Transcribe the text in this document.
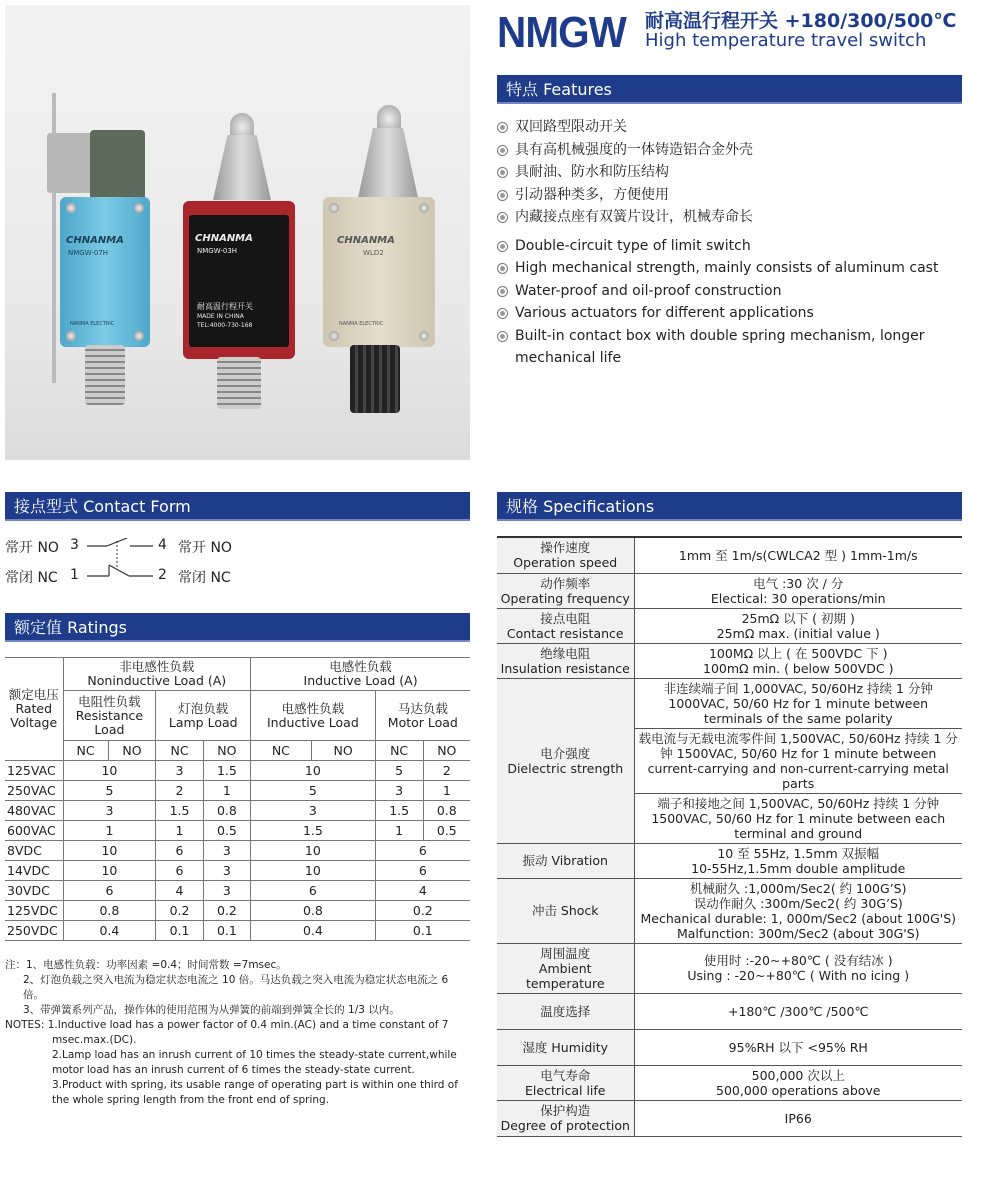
CHNANMA
NMGW-07H
NANMA ELECTRIC
CHNANMA
NMGW-03H
耐高温行程开关
MADE IN CHINA
TEL:4000-730-168
CHNANMA
WLD2
NANMA ELECTRIC
NMGW 耐高温行程开关 +180/300/500℃
High temperature travel switch
特点 Features
双回路型限动开关
具有高机械强度的一体铸造铝合金外壳
具耐油、防水和防压结构
引动器种类多，方便使用
内藏接点座有双簧片设计，机械寿命长
Double-circuit type of limit switch
High mechanical strength, mainly consists of aluminum cast
Water-proof and oil-proof construction
Various actuators for different applications
Built-in contact box with double spring mechanism, longer mechanical life
接点型式 Contact Form
常开 NO 3	4 常开 NO
常闭 NC 1	2 常闭 NC
额定值 Ratings
额定电压
Rated
Voltage	非电感性负载
Noninductive Load (A)				电感性负载
Inductive Load (A)			
	电阻性负载
Resistance
Load		灯泡负载
Lamp Load		电感性负载
Inductive Load		马达负载
Motor Load	
	NC	NO	NC	NO	NC	NO	NC	NO
125VAC	10		3	1.5	10		5	2
250VAC	5		2	1	5		3	1
480VAC	3		1.5	0.8	3		1.5	0.8
600VAC	1		1	0.5	1.5		1	0.5
8VDC	10		6	3	10		6	
14VDC	10		6	3	10		6	
30VDC	6		4	3	6		4	
125VDC	0.8		0.2	0.2	0.8		0.2	
250VDC	0.4		0.1	0.1	0.4		0.1	
注：1、电感性负载：功率因素 =0.4；时间常数 =7msec。
2、灯泡负载之突入电流为稳定状态电流之 10 倍。马达负载之突入电流为稳定状态电流之 6 倍。
3、带弹簧系列产品，操作体的使用范围为从弹簧的前端到弹簧全长的 1/3 以内。
NOTES: 1.Inductive load has a power factor of 0.4 min.(AC) and a time constant of 7 msec.max.(DC).
2.Lamp load has an inrush current of 10 times the steady-state current,while motor load has an inrush current of 6 times the steady-state current.
3.Product with spring, its usable range of operating part is within one third of the whole spring length from the front end of spring.
规格 Specifications
操作速度
Operation speed	1mm 至 1m/s(CWLCA2 型 ) 1mm-1m/s
动作频率
Operating frequency	电气 :30 次 / 分
Electical: 30 operations/min
接点电阻
Contact resistance	25mΩ 以下 ( 初期 )
25mΩ max. (initial value )
绝缘电阻
Insulation resistance	100MΩ 以上 ( 在 500VDC 下 )
100mΩ min. ( below 500VDC )
电介强度
Dielectric strength	非连续端子间 1,000VAC, 50/60Hz 持续 1 分钟
1000VAC, 50/60 Hz for 1 minute between terminals of the same polarity
	载电流与无载电流零件间 1,500VAC, 50/60Hz 持续 1 分钟 1500VAC, 50/60 Hz for 1 minute between current-carrying and non-current-carrying metal parts
	端子和接地之间 1,500VAC, 50/60Hz 持续 1 分钟
1500VAC, 50/60 Hz for 1 minute between each terminal and ground
振动 Vibration	10 至 55Hz, 1.5mm 双振幅
10-55Hz,1.5mm double amplitude
冲击 Shock	机械耐久 :1,000m/Sec2( 约 100G’S)
误动作耐久 :300m/Sec2( 约 30G’S)
Mechanical durable: 1, 000m/Sec2 (about 100G'S)
Malfunction: 300m/Sec2 (about 30G'S)
周围温度
Ambient temperature	使用时 :-20~+80℃ ( 没有结冰 )
Using : -20~+80℃ ( With no icing )
温度选择	+180℃ /300℃ /500℃
湿度 Humidity	95%RH 以下 <95% RH
电气寿命
Electrical life	500,000 次以上
500,000 operations above
保护构造
Degree of protection	IP66
